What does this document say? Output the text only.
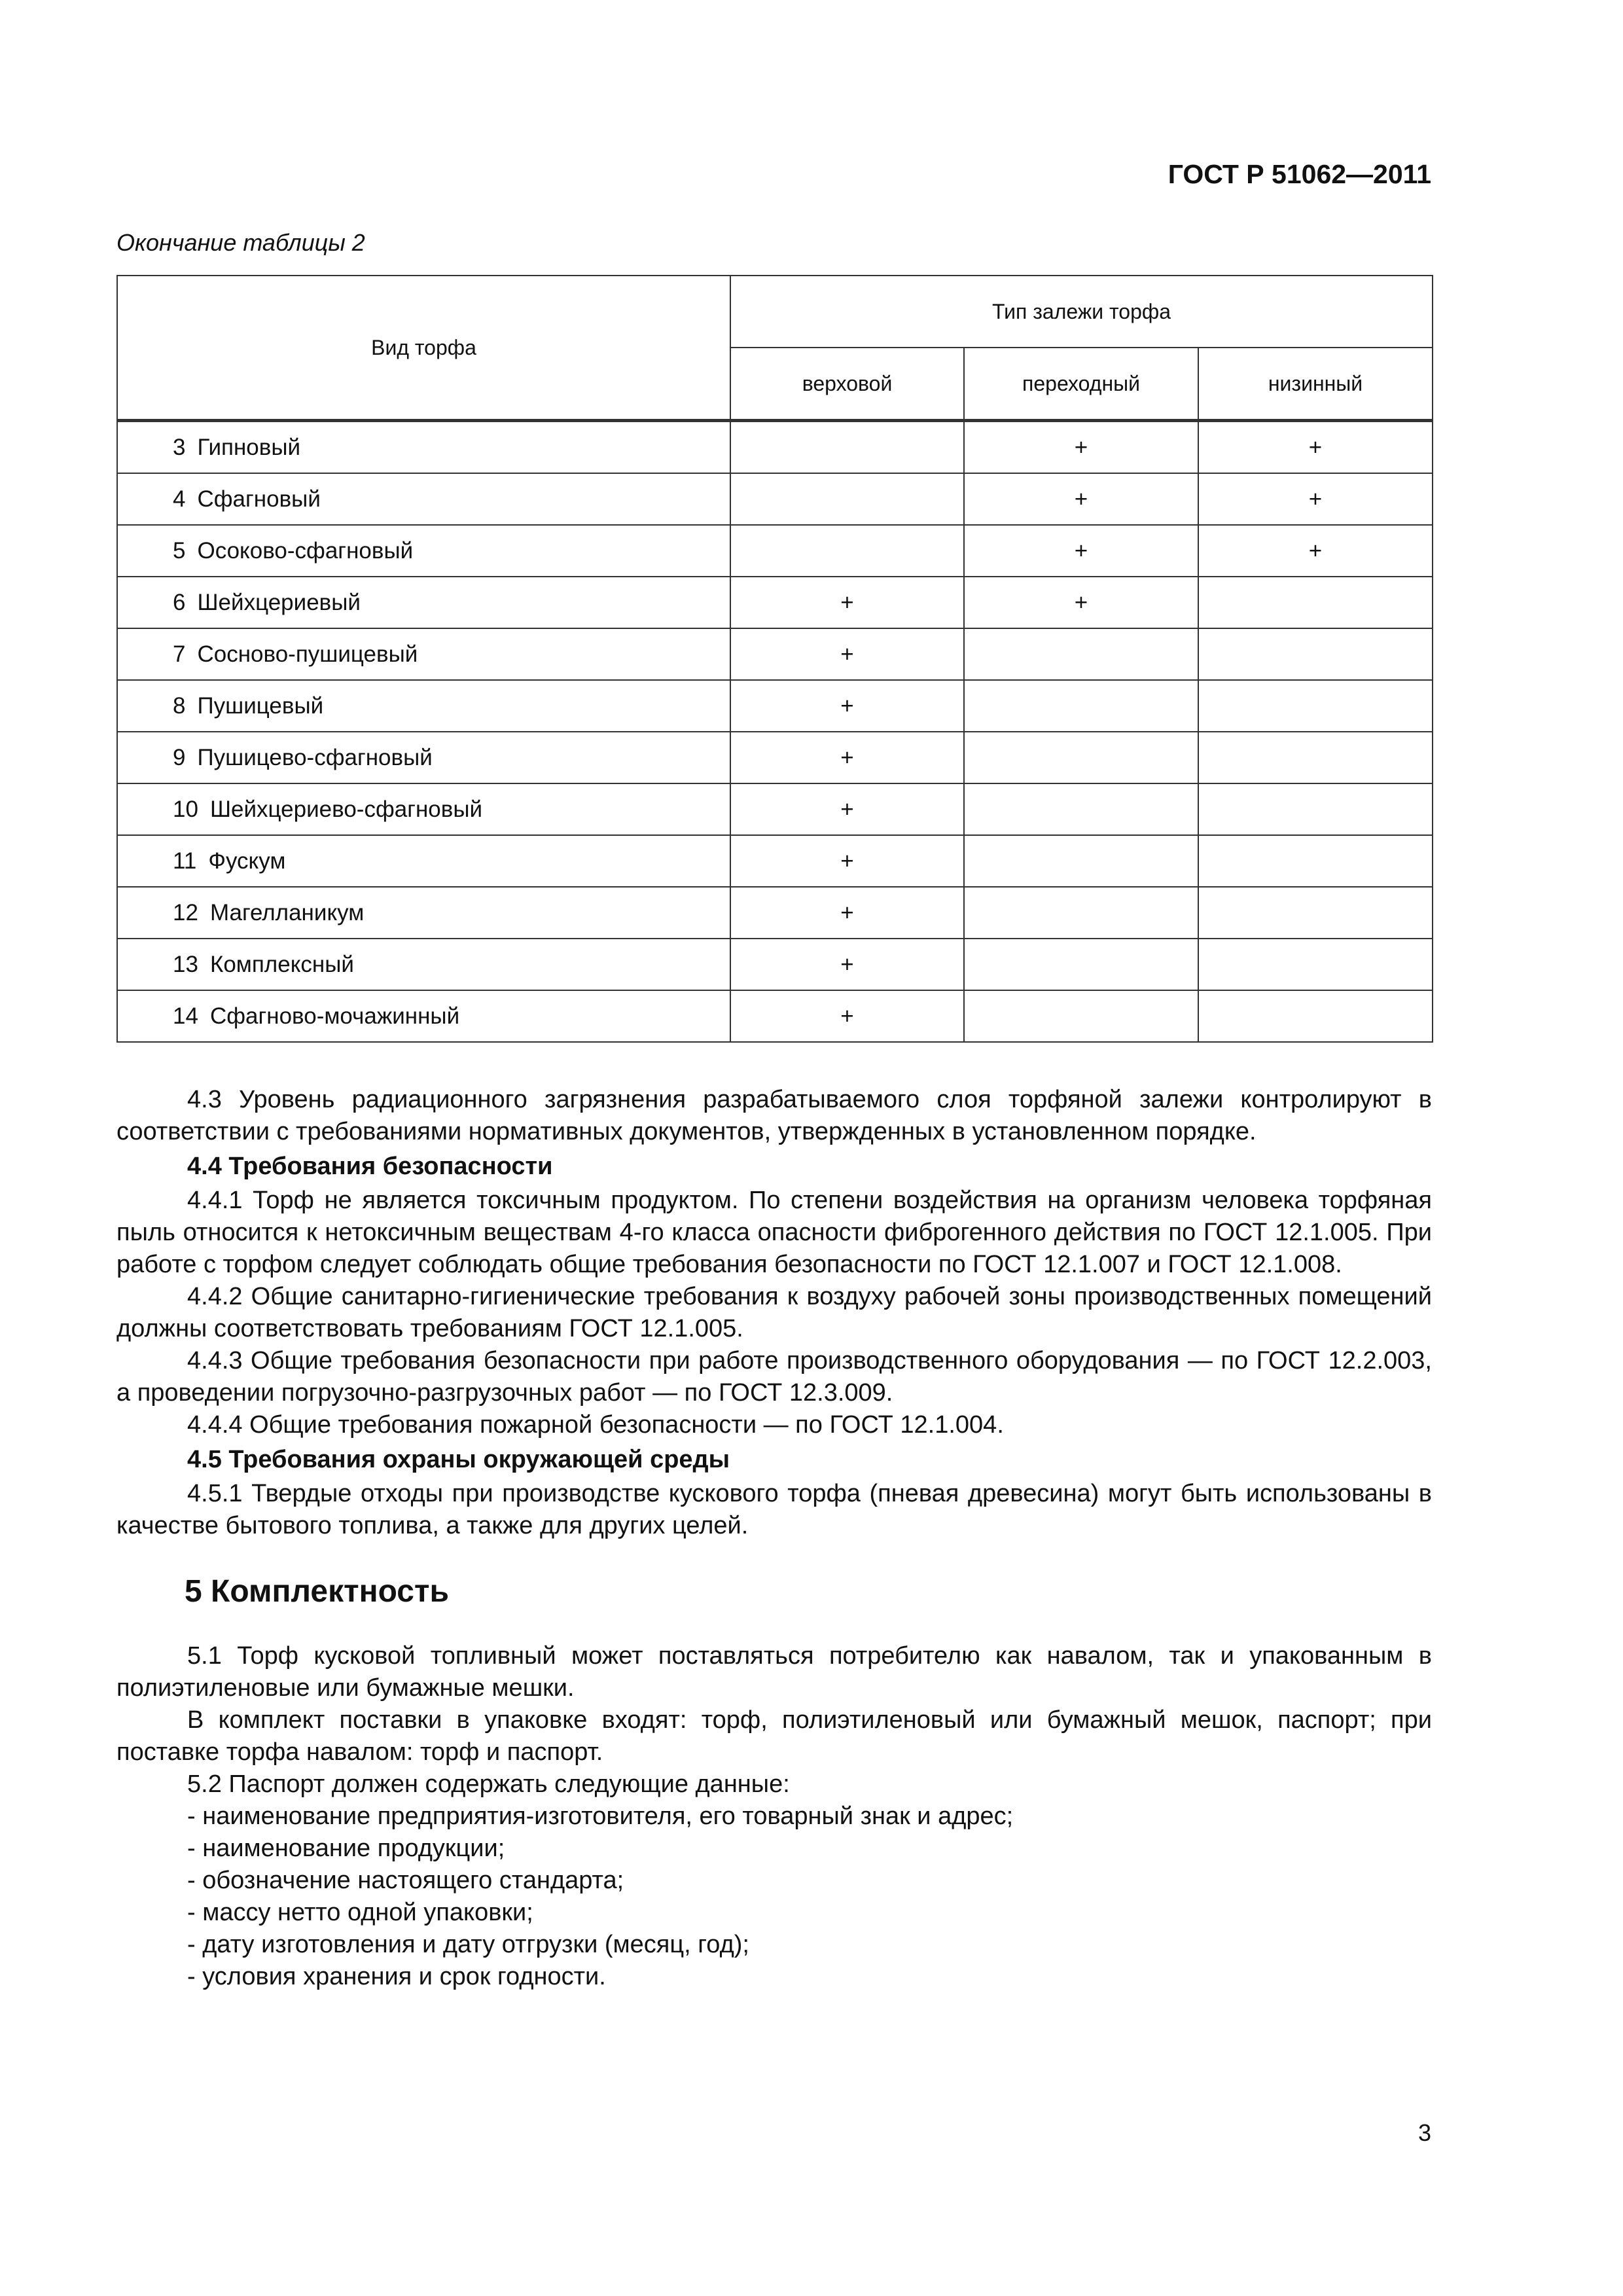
ГОСТ Р 51062—2011

Окончание таблицы 2

Вид торфа	Тип залежи торфа		
	верховой	переходный	низинный
3 Гипновый		+	+
4 Сфагновый		+	+
5 Осоково-сфагновый		+	+
6 Шейхцериевый	+	+	
7 Сосново-пушицевый	+		
8 Пушицевый	+		
9 Пушицево-сфагновый	+		
10 Шейхцериево-сфагновый	+		
11 Фускум	+		
12 Магелланикум	+		
13 Комплексный	+		
14 Сфагново-мочажинный	+		

4.3 Уровень радиационного загрязнения разрабатываемого слоя торфяной залежи контролируют в соответствии с требованиями нормативных документов, утвержденных в установленном порядке.

4.4 Требования безопасности

4.4.1 Торф не является токсичным продуктом. По степени воздействия на организм человека торфяная пыль относится к нетоксичным веществам 4-го класса опасности фиброгенного действия по ГОСТ 12.1.005. При работе с торфом следует соблюдать общие требования безопасности по ГОСТ 12.1.007 и ГОСТ 12.1.008.

4.4.2 Общие санитарно-гигиенические требования к воздуху рабочей зоны производственных помещений должны соответствовать требованиям ГОСТ 12.1.005.

4.4.3 Общие требования безопасности при работе производственного оборудования — по ГОСТ 12.2.003, а проведении погрузочно-разгрузочных работ — по ГОСТ 12.3.009.

4.4.4 Общие требования пожарной безопасности — по ГОСТ 12.1.004.

4.5 Требования охраны окружающей среды

4.5.1 Твердые отходы при производстве кускового торфа (пневая древесина) могут быть использованы в качестве бытового топлива, а также для других целей.

5 Комплектность

5.1 Торф кусковой топливный может поставляться потребителю как навалом, так и упакованным в полиэтиленовые или бумажные мешки.

В комплект поставки в упаковке входят: торф, полиэтиленовый или бумажный мешок, паспорт; при поставке торфа навалом: торф и паспорт.

5.2 Паспорт должен содержать следующие данные:

- наименование предприятия-изготовителя, его товарный знак и адрес;

- наименование продукции;

- обозначение настоящего стандарта;

- массу нетто одной упаковки;

- дату изготовления и дату отгрузки (месяц, год);

- условия хранения и срок годности.

3
